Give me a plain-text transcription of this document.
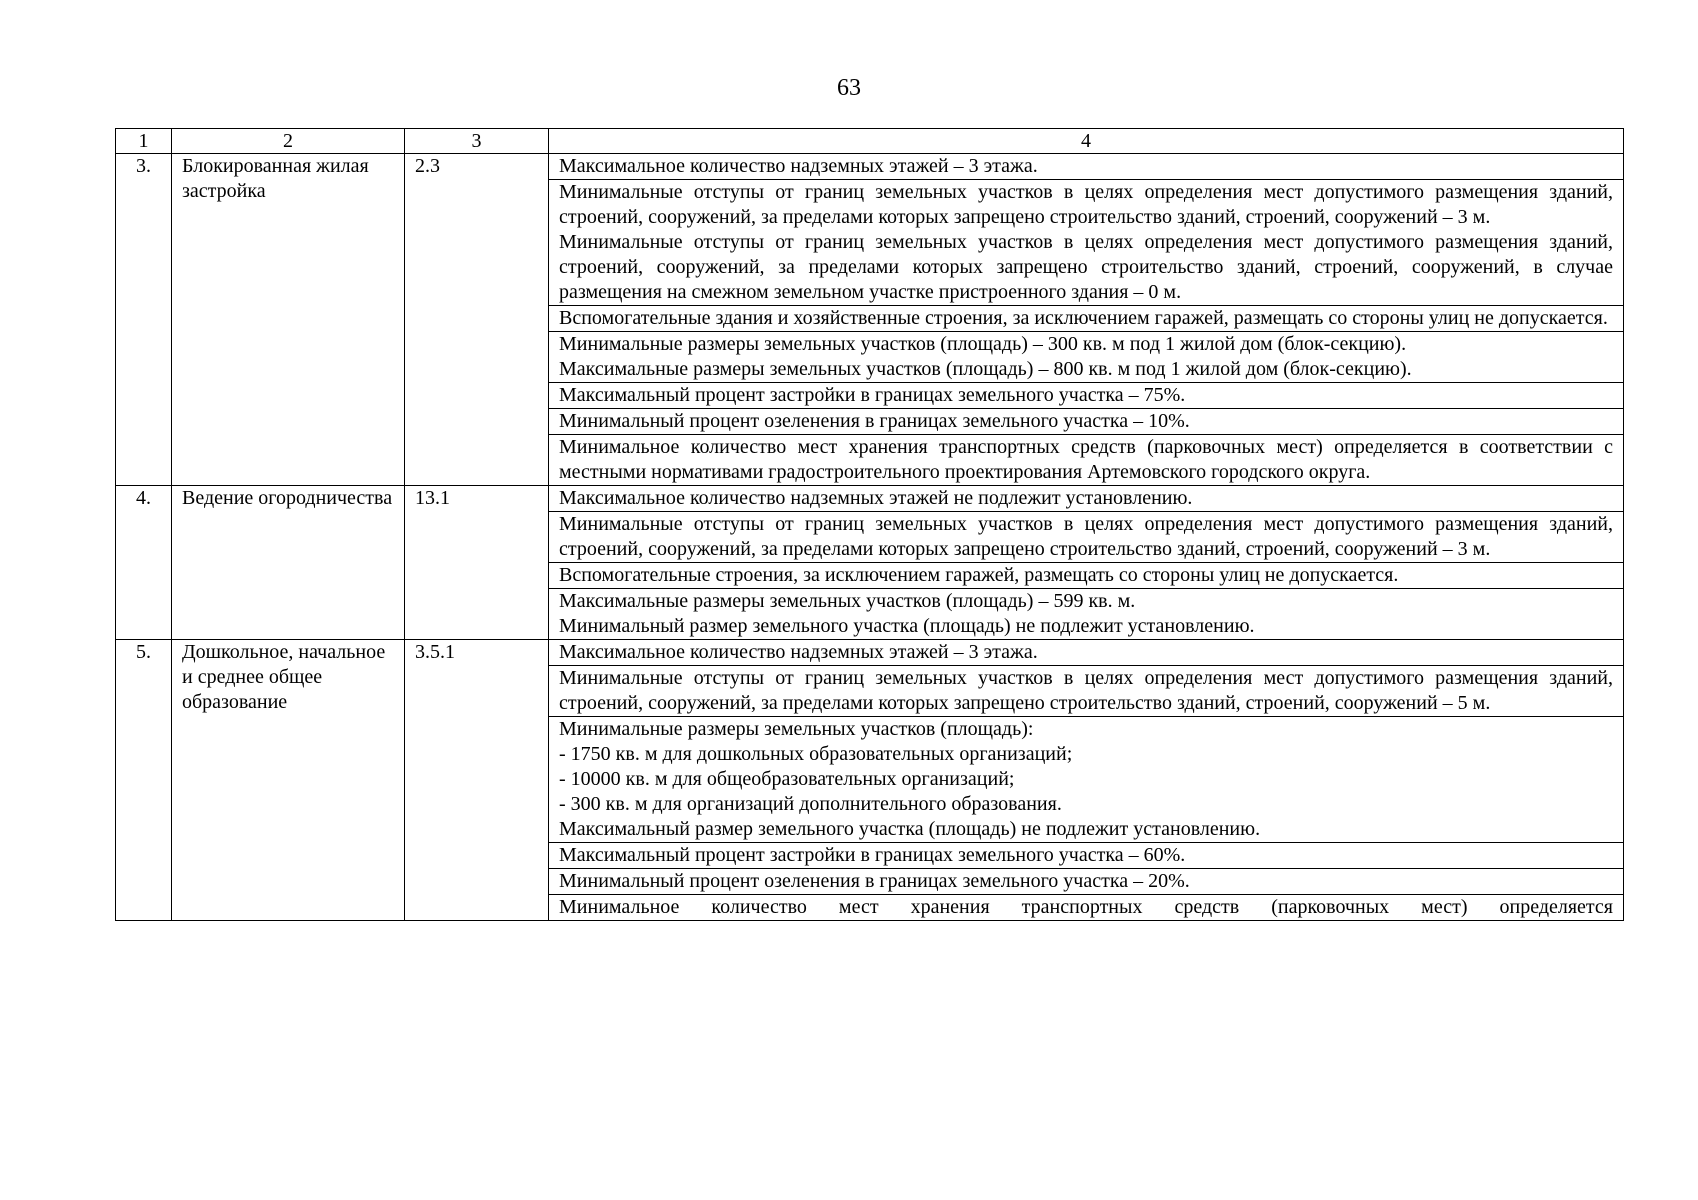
63
1	2	3	4
3.	Блокированная жилая застройка	2.3	Максимальное количество надземных этажей – 3 этажа.

			Минимальные отступы от границ земельных участков в целях определения мест допустимого размещения зданий, строений, сооружений, за пределами которых запрещено строительство зданий, строений, сооружений – 3 м.
Минимальные отступы от границ земельных участков в целях определения мест допустимого размещения зданий, строений, сооружений, за пределами которых запрещено строительство зданий, строений, сооружений, в случае размещения на смежном земельном участке пристроенного здания – 0 м.

			Вспомогательные здания и хозяйственные строения, за исключением гаражей, размещать со стороны улиц не допускается.

			Минимальные размеры земельных участков (площадь) – 300 кв. м под 1 жилой дом (блок-секцию).
Максимальные размеры земельных участков (площадь) – 800 кв. м под 1 жилой дом (блок-секцию).

			Максимальный процент застройки в границах земельного участка – 75%.

			Минимальный процент озеленения в границах земельного участка – 10%.

			Минимальное количество мест хранения транспортных средств (парковочных мест) определяется в соответствии с местными нормативами градостроительного проектирования Артемовского городского округа.

4.	Ведение огородничества	13.1	Максимальное количество надземных этажей не подлежит установлению.

			Минимальные отступы от границ земельных участков в целях определения мест допустимого размещения зданий, строений, сооружений, за пределами которых запрещено строительство зданий, строений, сооружений – 3 м.

			Вспомогательные строения, за исключением гаражей, размещать со стороны улиц не допускается.

			Максимальные размеры земельных участков (площадь) – 599 кв. м.
Минимальный размер земельного участка (площадь) не подлежит установлению.

5.	Дошкольное, начальное и среднее общее образование	3.5.1	Максимальное количество надземных этажей – 3 этажа.

			Минимальные отступы от границ земельных участков в целях определения мест допустимого размещения зданий, строений, сооружений, за пределами которых запрещено строительство зданий, строений, сооружений – 5 м.

			Минимальные размеры земельных участков (площадь):
- 1750 кв. м для дошкольных образовательных организаций;
- 10000 кв. м для общеобразовательных организаций;
- 300 кв. м для организаций дополнительного образования.
Максимальный размер земельного участка (площадь) не подлежит установлению.

			Максимальный процент застройки в границах земельного участка – 60%.

			Минимальный процент озеленения в границах земельного участка – 20%.

			Минимальное количество мест хранения транспортных средств (парковочных мест) определяется
